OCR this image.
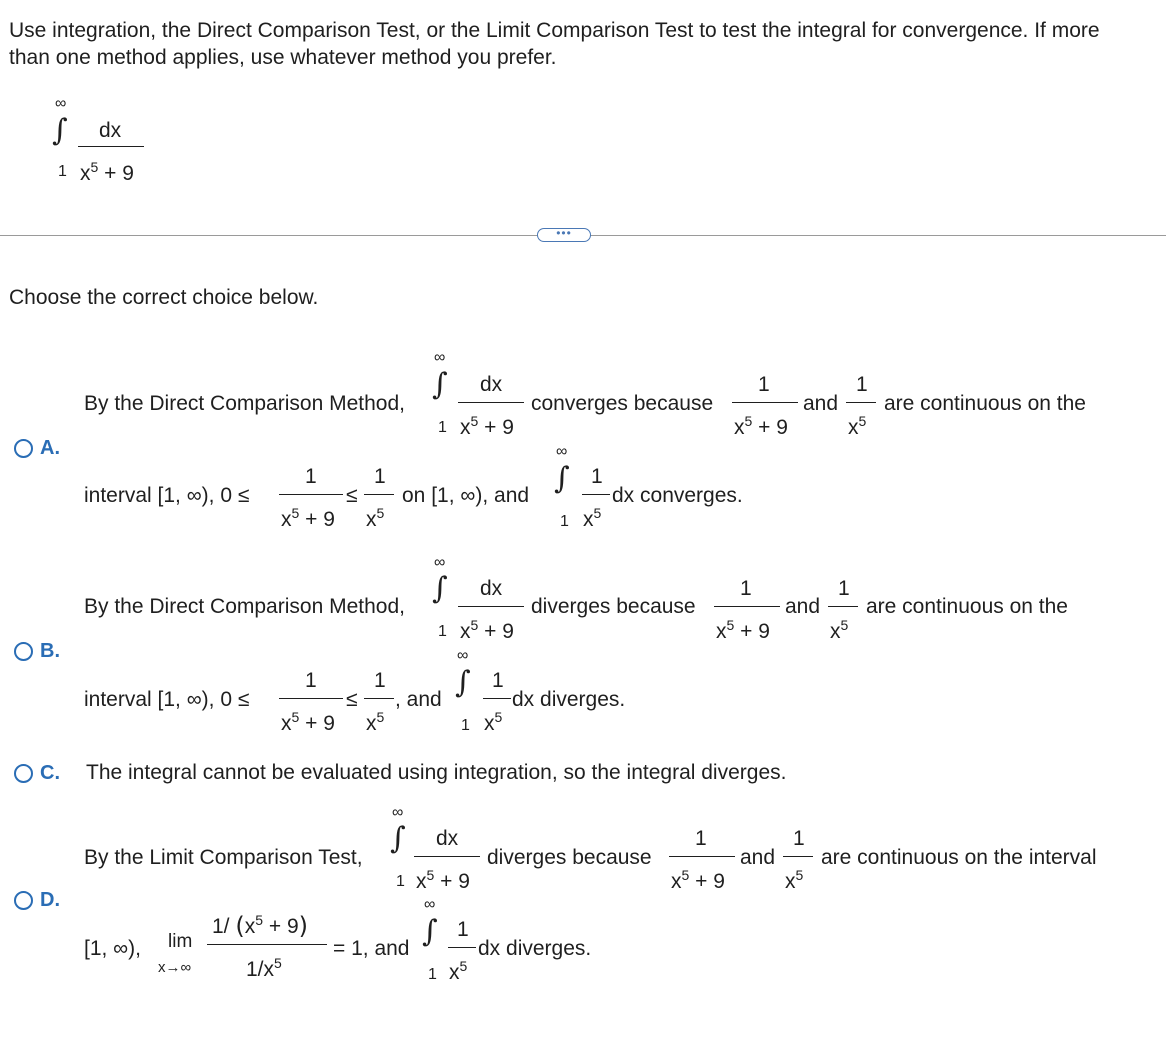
Use integration, the Direct Comparison Test, or the Limit Comparison Test to test the integral for convergence. If more
than one method applies, use whatever method you prefer.
∞
∫
1
dx
$x^5 + 9$
•••
Choose the correct choice below.
A.
By the Direct Comparison Method,
∞
∫
1
dx
$x^5 + 9$
converges because
1
$x^5 + 9$
and
1
$x^5$
are continuous on the
interval [1, ∞), 0 ≤
1
$x^5 + 9$
≤
1
$x^5$
on [1, ∞), and
∞
∫
1
1
$x^5$
dx converges.
B.
By the Direct Comparison Method,
∞
∫
1
dx
$x^5 + 9$
diverges because
1
$x^5 + 9$
and
1
$x^5$
are continuous on the
interval [1, ∞), 0 ≤
1
$x^5 + 9$
≤
1
$x^5$
, and
∞
∫
1
1
$x^5$
dx diverges.
C. The integral cannot be evaluated using integration, so the integral diverges.
D.
By the Limit Comparison Test,
∞
∫
1
dx
$x^5 + 9$
diverges because
1
$x^5 + 9$
and
1
$x^5$
are continuous on the interval
[1, ∞), lim
x→∞
1/ $(x^5 + 9)$
$1/x^5$
= 1, and
∞
∫
1
1
$x^5$
dx diverges.
